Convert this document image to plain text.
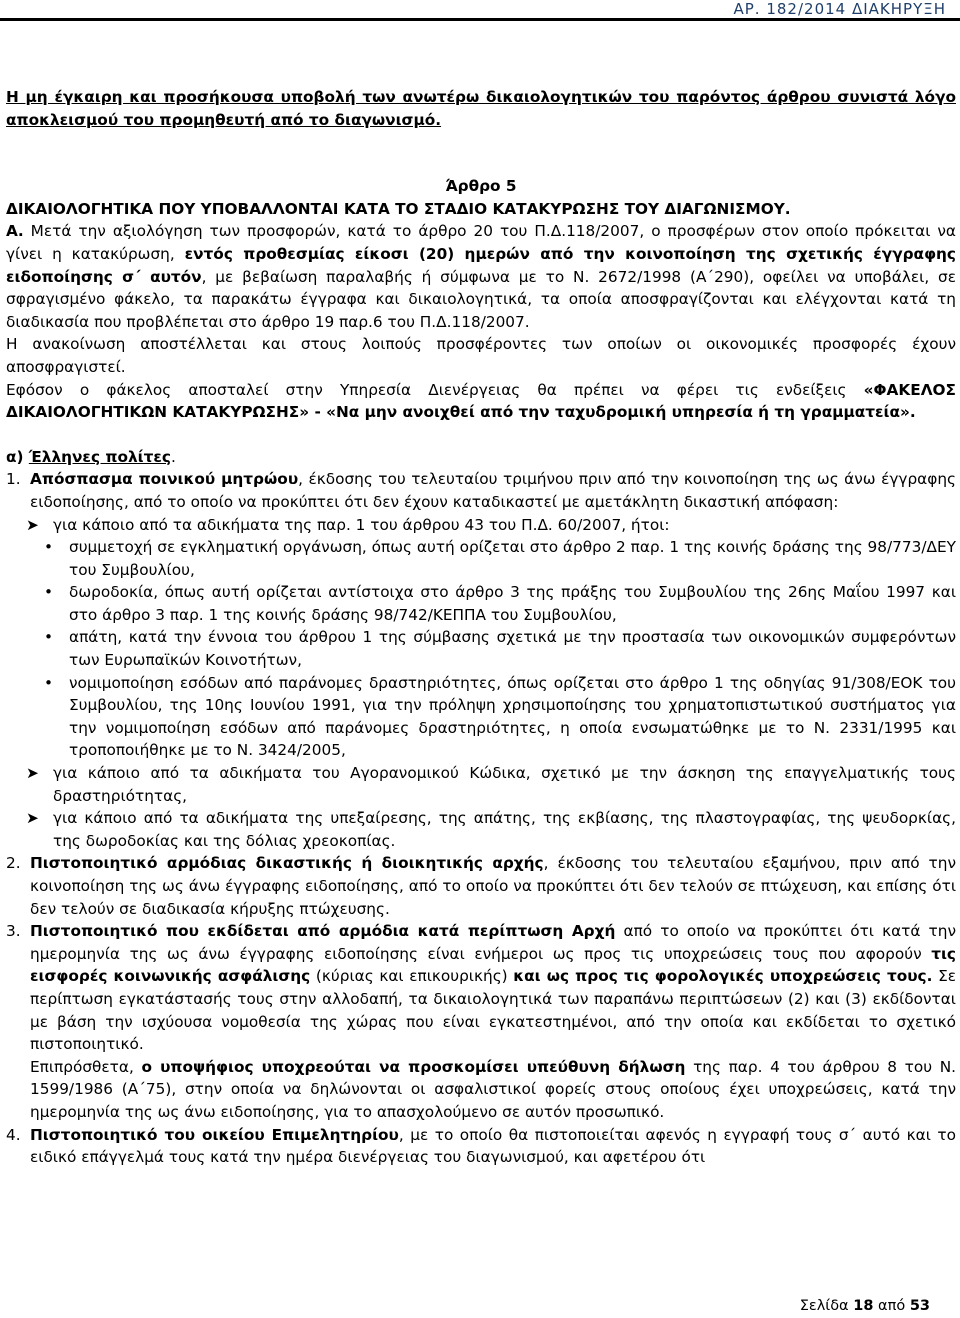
ΑΡ. 182/2014 ΔΙΑΚΗΡΥΞΗ

Η μη έγκαιρη και προσήκουσα υποβολή των ανωτέρω δικαιολογητικών του παρόντος άρθρου συνιστά λόγο αποκλεισμού του προμηθευτή από το διαγωνισμό.

Άρθρο 5

ΔΙΚΑΙΟΛΟΓΗΤΙΚΑ ΠΟΥ ΥΠΟΒΑΛΛΟΝΤΑΙ ΚΑΤΑ ΤΟ ΣΤΑΔΙΟ ΚΑΤΑΚΥΡΩΣΗΣ ΤΟΥ ΔΙΑΓΩΝΙΣΜΟΥ.

Α. Μετά την αξιολόγηση των προσφορών, κατά το άρθρο 20 του Π.Δ.118/2007, ο προσφέρων στον οποίο πρόκειται να γίνει η κατακύρωση, εντός προθεσμίας είκοσι (20) ημερών από την κοινοποίηση της σχετικής έγγραφης ειδοποίησης σ΄ αυτόν, με βεβαίωση παραλαβής ή σύμφωνα με το Ν. 2672/1998 (Α΄290), οφείλει να υποβάλει, σε σφραγισμένο φάκελο, τα παρακάτω έγγραφα και δικαιολογητικά, τα οποία αποσφραγίζονται και ελέγχονται κατά τη διαδικασία που προβλέπεται στο άρθρο 19 παρ.6 του Π.Δ.118/2007.

Η ανακοίνωση αποστέλλεται και στους λοιπούς προσφέροντες των οποίων οι οικονομικές προσφορές έχουν αποσφραγιστεί.

Εφόσον ο φάκελος αποσταλεί στην Υπηρεσία Διενέργειας θα πρέπει να φέρει τις ενδείξεις «ΦΑΚΕΛΟΣ ΔΙΚΑΙΟΛΟΓΗΤΙΚΩΝ ΚΑΤΑΚΥΡΩΣΗΣ» - «Να μην ανοιχθεί από την ταχυδρομική υπηρεσία ή τη γραμματεία».

α) Έλληνες πολίτες.

1. Απόσπασμα ποινικού μητρώου, έκδοσης του τελευταίου τριμήνου πριν από την κοινοποίηση της ως άνω έγγραφης ειδοποίησης, από το οποίο να προκύπτει ότι δεν έχουν καταδικαστεί με αμετάκλητη δικαστική απόφαση:
➤ για κάποιο από τα αδικήματα της παρ. 1 του άρθρου 43 του Π.Δ. 60/2007, ήτοι:
•	συμμετοχή σε εγκληματική οργάνωση, όπως αυτή ορίζεται στο άρθρο 2 παρ. 1 της κοινής δράσης της 98/773/ΔΕΥ του Συμβουλίου,
•	δωροδοκία, όπως αυτή ορίζεται αντίστοιχα στο άρθρο 3 της πράξης του Συμβουλίου της 26ης Μαΐου 1997 και στο άρθρο 3 παρ. 1 της κοινής δράσης 98/742/ΚΕΠΠΑ του Συμβουλίου,
•	απάτη, κατά την έννοια του άρθρου 1 της σύμβασης σχετικά με την προστασία των οικονομικών συμφερόντων των Ευρωπαϊκών Κοινοτήτων,
•	νομιμοποίηση εσόδων από παράνομες δραστηριότητες, όπως ορίζεται στο άρθρο 1 της οδηγίας 91/308/ΕΟΚ του Συμβουλίου, της 10ης Ιουνίου 1991, για την πρόληψη χρησιμοποίησης του χρηματοπιστωτικού συστήματος για την νομιμοποίηση εσόδων από παράνομες δραστηριότητες, η οποία ενσωματώθηκε με το Ν. 2331/1995 και τροποποιήθηκε με το Ν. 3424/2005,
➤ για κάποιο από τα αδικήματα του Αγορανομικού Κώδικα, σχετικό με την άσκηση της επαγγελματικής τους δραστηριότητας,
➤ για κάποιο από τα αδικήματα της υπεξαίρεσης, της απάτης, της εκβίασης, της πλαστογραφίας, της ψευδορκίας, της δωροδοκίας και της δόλιας χρεοκοπίας.
2. Πιστοποιητικό αρμόδιας δικαστικής ή διοικητικής αρχής, έκδοσης του τελευταίου εξαμήνου, πριν από την κοινοποίηση της ως άνω έγγραφης ειδοποίησης, από το οποίο να προκύπτει ότι δεν τελούν σε πτώχευση, και επίσης ότι δεν τελούν σε διαδικασία κήρυξης πτώχευσης.
3. Πιστοποιητικό που εκδίδεται από αρμόδια κατά περίπτωση Αρχή από το οποίο να προκύπτει ότι κατά την ημερομηνία της ως άνω έγγραφης ειδοποίησης είναι ενήμεροι ως προς τις υποχρεώσεις τους που αφορούν τις εισφορές κοινωνικής ασφάλισης (κύριας και επικουρικής) και ως προς τις φορολογικές υποχρεώσεις τους. Σε περίπτωση εγκατάστασής τους στην αλλοδαπή, τα δικαιολογητικά των παραπάνω περιπτώσεων (2) και (3) εκδίδονται με βάση την ισχύουσα νομοθεσία της χώρας που είναι εγκατεστημένοι, από την οποία και εκδίδεται το σχετικό πιστοποιητικό.

Επιπρόσθετα, ο υποψήφιος υποχρεούται να προσκομίσει υπεύθυνη δήλωση της παρ. 4 του άρθρου 8 του Ν. 1599/1986 (Α΄75), στην οποία να δηλώνονται οι ασφαλιστικοί φορείς στους οποίους έχει υποχρεώσεις, κατά την ημερομηνία της ως άνω ειδοποίησης, για το απασχολούμενο σε αυτόν προσωπικό.

4. Πιστοποιητικό του οικείου Επιμελητηρίου, με το οποίο θα πιστοποιείται αφενός η εγγραφή τους σ΄ αυτό και το ειδικό επάγγελμά τους κατά την ημέρα διενέργειας του διαγωνισμού, και αφετέρου ότι
Σελίδα 18 από 53
